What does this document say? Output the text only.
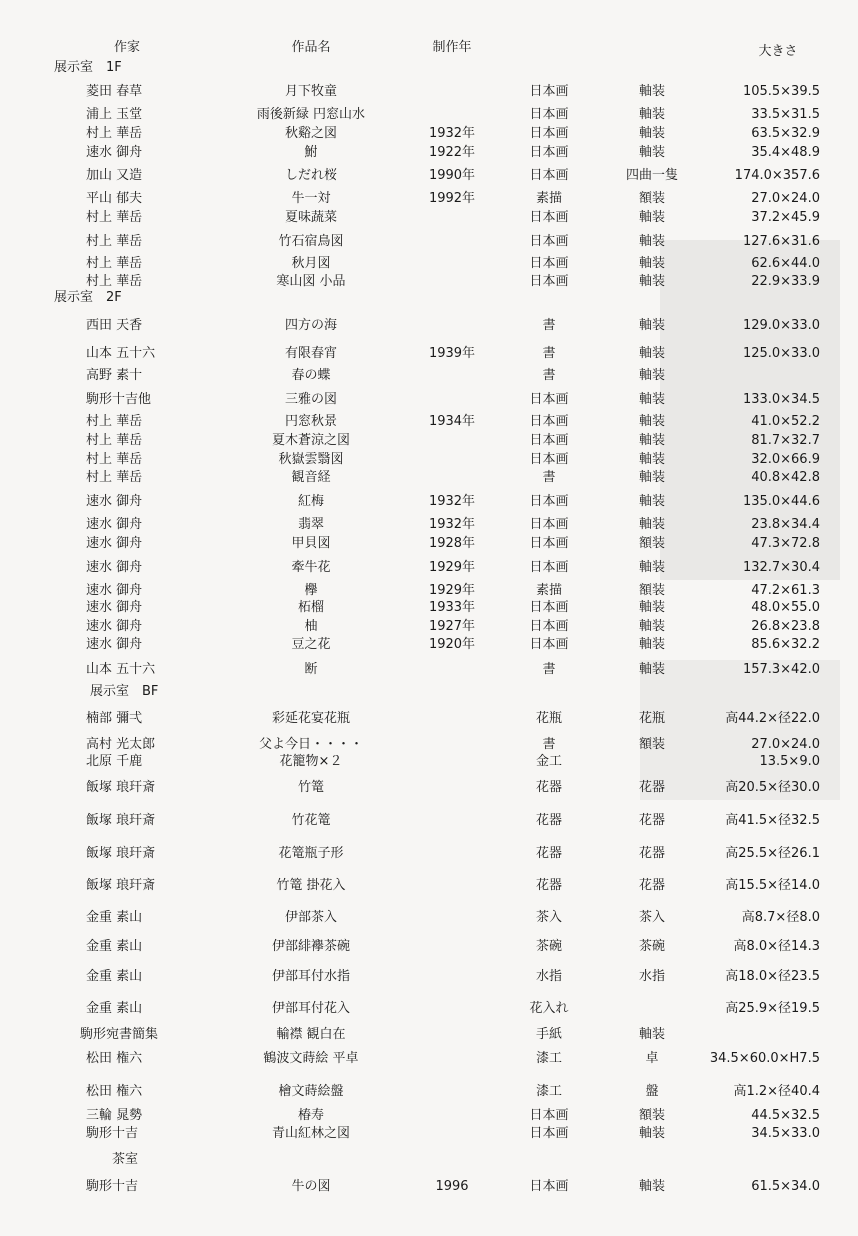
作家	作品名	制作年	大きさ
展示室　1F
菱田 春草	月下牧童	日本画	軸装	105.5×39.5
浦上 玉堂	雨後新緑 円窓山水	日本画	軸装	33.5×31.5
村上 華岳	秋谿之図	1932年	日本画	軸装	63.5×32.9
速水 御舟	鮒	1922年	日本画	軸装	35.4×48.9
加山 又造	しだれ桜	1990年	日本画	四曲一隻	174.0×357.6
平山 郁夫	牛一対	1992年	素描	額装	27.0×24.0
村上 華岳	夏味蔬菜	日本画	軸装	37.2×45.9
村上 華岳	竹石宿鳥図	日本画	軸装	127.6×31.6
村上 華岳	秋月図	日本画	軸装	62.6×44.0
村上 華岳	寒山図 小品	日本画	軸装	22.9×33.9
展示室　2F
西田 天香	四方の海	書	軸装	129.0×33.0
山本 五十六	有限春宵	1939年	書	軸装	125.0×33.0
高野 素十	春の蝶	書	軸装
駒形十吉他	三雅の図	日本画	軸装	133.0×34.5
村上 華岳	円窓秋景	1934年	日本画	軸装	41.0×52.2
村上 華岳	夏木蒼涼之図	日本画	軸装	81.7×32.7
村上 華岳	秋嶽雲翳図	日本画	軸装	32.0×66.9
村上 華岳	観音経	書	軸装	40.8×42.8
速水 御舟	紅梅	1932年	日本画	軸装	135.0×44.6
速水 御舟	翡翠	1932年	日本画	軸装	23.8×34.4
速水 御舟	甲貝図	1928年	日本画	額装	47.3×72.8
速水 御舟	牽牛花	1929年	日本画	軸装	132.7×30.4
速水 御舟	欅	1929年	素描	額装	47.2×61.3
速水 御舟	柘榴	1933年	日本画	軸装	48.0×55.0
速水 御舟	柚	1927年	日本画	軸装	26.8×23.8
速水 御舟	豆之花	1920年	日本画	軸装	85.6×32.2
山本 五十六	断	書	軸装	157.3×42.0
展示室　BF
楠部 彌弌	彩延花宴花瓶	花瓶	花瓶	高44.2×径22.0
高村 光太郎	父よ今日・・・・	書	額装	27.0×24.0
北原 千鹿	花籠物×２	金工	13.5×9.0
飯塚 琅玕斎	竹篭	花器	花器	高20.5×径30.0
飯塚 琅玕斎	竹花篭	花器	花器	高41.5×径32.5
飯塚 琅玕斎	花篭瓶子形	花器	花器	高25.5×径26.1
飯塚 琅玕斎	竹篭 掛花入	花器	花器	高15.5×径14.0
金重 素山	伊部茶入	茶入	茶入	高8.7×径8.0
金重 素山	伊部緋襷茶碗	茶碗	茶碗	高8.0×径14.3
金重 素山	伊部耳付水指	水指	水指	高18.0×径23.5
金重 素山	伊部耳付花入	花入れ	高25.9×径19.5
駒形宛書簡集	輸襟 観白在	手紙	軸装
松田 権六	鶴波文蒔絵 平卓	漆工	卓	34.5×60.0×H7.5
松田 権六	檜文蒔絵盤	漆工	盤	高1.2×径40.4
三輪 晁勢	椿寿	日本画	額装	44.5×32.5
駒形十吉	青山紅林之図	日本画	軸装	34.5×33.0
茶室
駒形十吉	牛の図	1996	日本画	軸装	61.5×34.0
